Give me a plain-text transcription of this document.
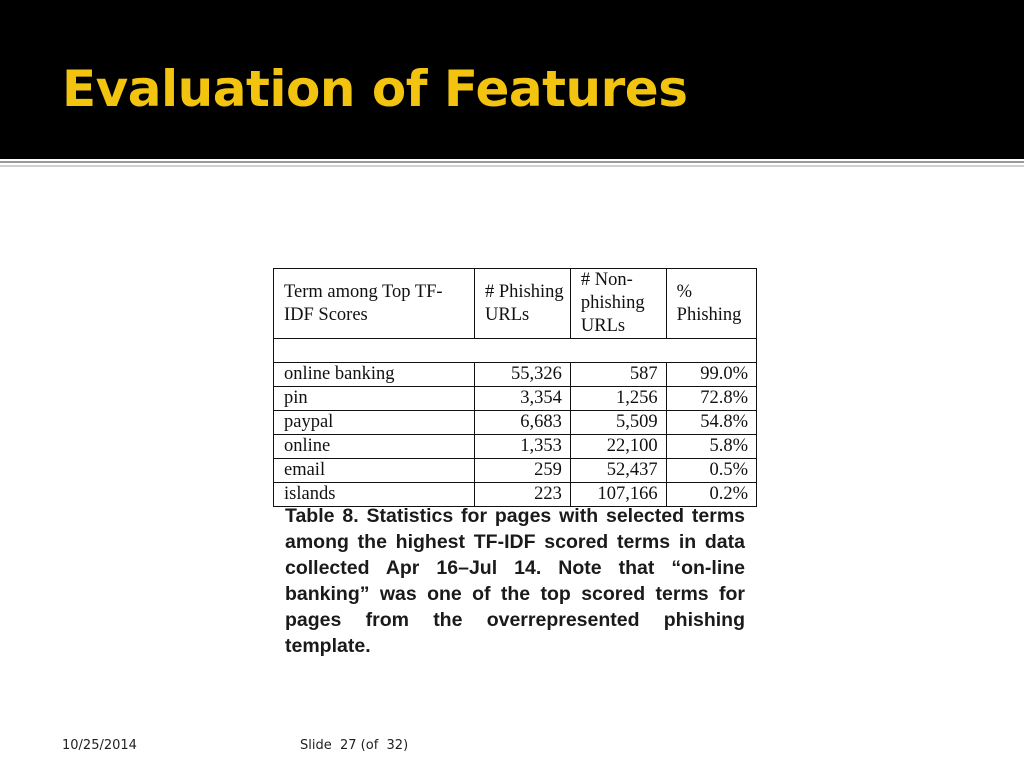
Evaluation of Features
Term among Top TF-IDF Scores	# Phishing URLs	# Non-phishing URLs	% Phishing

online banking	55,326	587	99.0%
pin	3,354	1,256	72.8%
paypal	6,683	5,509	54.8%
online	1,353	22,100	5.8%
email	259	52,437	0.5%
islands	223	107,166	0.2%
Table 8. Statistics for pages with selected terms among the highest TF-IDF scored terms in data collected Apr 16–Jul 14. Note that “on-line banking” was one of the top scored terms for pages from the overrepresented phishing template.
10/25/2014	Slide  27 (of  32)
